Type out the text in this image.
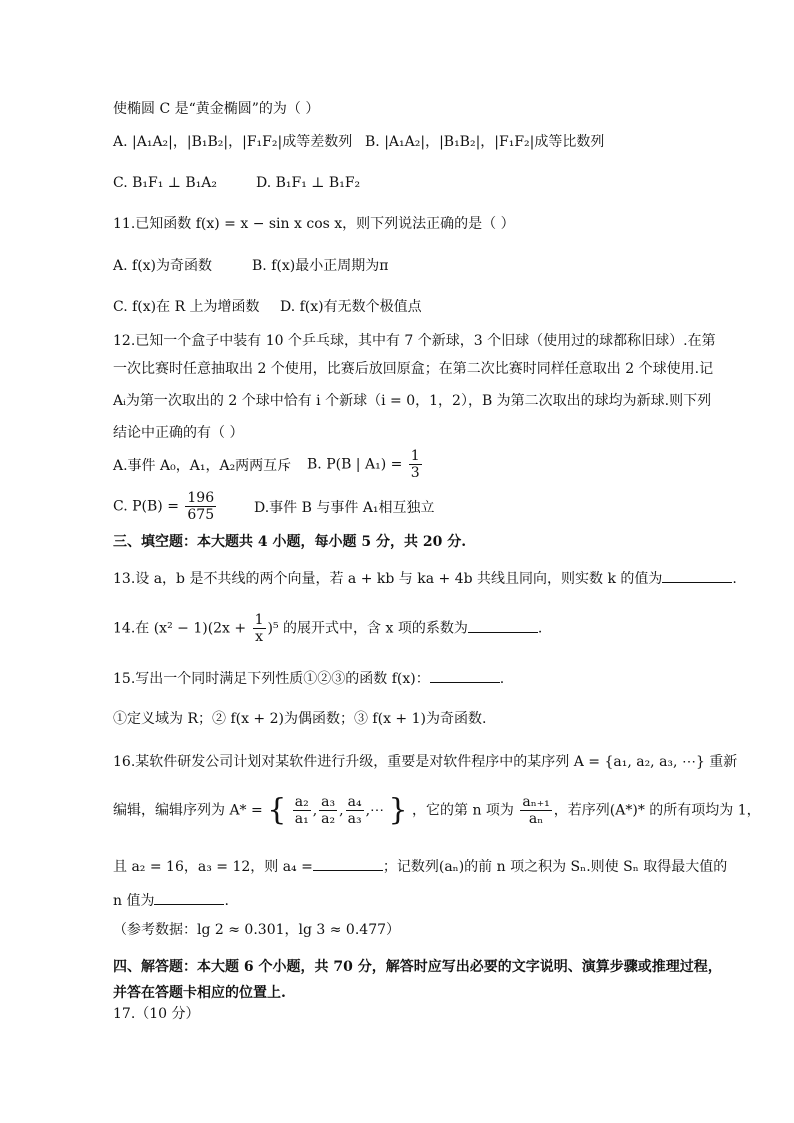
使椭圆 C 是“黄金椭圆”的为（ ）
A. |A₁A₂|，|B₁B₂|，|F₁F₂|成等差数列 B. |A₁A₂|，|B₁B₂|，|F₁F₂|成等比数列
C. B₁F₁ ⊥ B₁A₂	D. B₁F₁ ⊥ B₁F₂
11.已知函数 f(x) = x − sin x cos x，则下列说法正确的是（ ）
A. f(x)为奇函数	B. f(x)最小正周期为π
C. f(x)在 R 上为增函数 D. f(x)有无数个极值点
12.已知一个盒子中装有 10 个乒乓球，其中有 7 个新球，3 个旧球（使用过的球都称旧球）.在第
一次比赛时任意抽取出 2 个使用，比赛后放回原盒；在第二次比赛时同样任意取出 2 个球使用.记
Aᵢ为第一次取出的 2 个球中恰有 i 个新球（i = 0，1，2），B 为第二次取出的球均为新球.则下列
结论中正确的有（ ）
A.事件 A₀，A₁，A₂两两互斥 B. P(B | $A_1) = \frac{1}{3}$
C. $P(B) = \frac{196}{675}$	D.事件 B 与事件 A₁相互独立
三、填空题：本大题共 4 小题，每小题 5 分，共 20 分.
13.设 a，b 是不共线的两个向量，若 a + kb 与 ka + 4b 共线且同向，则实数 k 的值为	.
14.在 $(x^2 - 1)(2x + \frac{1}{x} )^5$ 的展开式中，含 x 项的系数为	.
15.写出一个同时满足下列性质①②③的函数 f(x)：	.
①定义域为 R；② f(x + 2)为偶函数；③ f(x + 1)为奇函数.
16.某软件研发公司计划对某软件进行升级，重要是对软件程序中的某序列 A = {a₁, a₂, a₃, ⋯} 重新
编辑，编辑序列为 A* = { $\frac{\text{a₂}}{\text{a₁}}$ , $\frac{\text{a₃}}{\text{a₂}}$ , $\frac{\text{a₄}}{\text{a₃}}$ ,⋯ } ，它的第 n 项为 $\frac{\text{aₙ₊₁}}{\text{aₙ}}$ ，若序列(A*)* 的所有项均为 1，
且 a₂ = 16，a₃ = 12，则 a₄ =	；记数列(aₙ)的前 n 项之积为 Sₙ.则使 Sₙ 取得最大值的
n 值为	.
（参考数据：lg 2 ≈ 0.301，lg 3 ≈ 0.477）
四、解答题：本大题 6 个小题，共 70 分，解答时应写出必要的文字说明、演算步骤或推理过程，
并答在答题卡相应的位置上.
17.（10 分）
